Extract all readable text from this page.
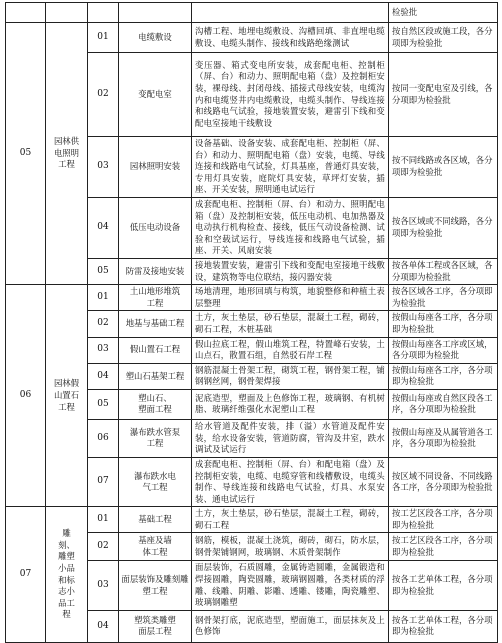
					检验批
05	园林供电照明工程	01	电缆敷设	沟槽工程、地埋电缆敷设、沟槽回填、非直埋电缆敷设、电缆头制作、接线和线路绝缘测试	按自然区段或施工段，各分项即为检验批
		02	变配电室	变压器、箱式变电所安装，成套配电柜、控制柜（屏、台）和动力、照明配电箱（盘）及控制柜安装，裸母线、封闭母线、插接式母线安装，电缆沟内和电缆竖井内电缆敷设，电缆头制作、导线连接和线路电气试验，接地装置安装，避雷引下线和变配电室接地干线敷设	按同一变配电室及引线，各分项即为检验批
		03	园林照明安装	设备基础、设备安装、成套配电柜、控制柜（屏、台）和动力、照明配电箱（盘）安装，电缆、导线连接和线路电气试验，灯具基座，普通灯具安装，专用灯具安装，庭院灯具安装，草坪灯安装，插座、开关安装，照明通电试运行	按不同线路或各区域，各分项即为检验批
		04	低压电动设备	成套配电柜、控制柜（屏、台）和动力、照明配电箱（盘）及控制柜安装，低压电动机、电加热器及电动执行机构检查、接线，低压气动设备检测、试验和空载试运行，导线连接和线路电气试验，插座、开关、风扇安装	按各区域或不同线路，各分项即为检验批
		05	防雷及接地安装	接地装置安装，避雷引下线和变配电室接地干线敷设，建筑物等电位联结，接闪器安装	按各单体工程或各区域，各分项即为检验批
06	园林假山置石工程	01	土山地形堆筑工程	场地清理，地形回填与构筑，地貌整修和种植土表层整理	按各区域各工序，各分项即为检验批
		02	地基与基础工程	土方，灰土垫层，砂石垫层，混凝土工程，砌砖，砌石工程，木桩基础	按假山每座各工序，各分项即为检验批
		03	假山置石工程	假山拉底工程，假山堆筑工程，特置峰石安装，土山点石，散置石组，自然驳石岸工程	按假山每座各工序或区域，各分项即为检验批
		04	塑山石基架工程	钢筋混凝土骨架工程，砌筑工程，钢骨架工程，铺钢钢丝网，钢骨架焊接	按假山每座各工序，各分项即为检验批
		05	塑山石、塑面工程	泥底造型，塑面及上色修饰工程，玻璃钢、有机树脂、玻璃纤维强化水泥塑山工程	按假山每座或自然区段各工序，各分项即为检验批
		06	瀑布跌水管泵工程	给水管道及配件安装，排（溢）水管道及配件安装，给水设备安装，管道防腐，管沟及井室，跌水调试及试运行	按假山每座及从属管道各工序，各分项即为检验批
		07	瀑布跌水电气工程	成套配电柜、控制柜（屏、台）和配电箱（盘）及控制柜安装，电缆、电缆穿管和线槽敷设，电缆头制作、导线连接和线路电气试验，灯具、水泵安装、通电试运行	按区域不同设备、不同线路各工序，各分项即为检验批
07	雕刻、雕塑小品和标志小品工程	01	基础工程	土方，灰土垫层，砂石垫层，混凝土工程，砌砖，砌石工程	按工艺区段各工序，各分项即为检验批
		02	基座及墙体工程	钢筋，模板，混凝土浇筑，砌砖，砌石，防水层，钢骨架铺钢网，玻璃钢、木质骨架制作	按工艺区段各工序，各分项即为检验批
		03	面层装饰及雕刻雕塑工程	面层装饰，石质圆雕，金属铸造圆雕，金属锻造和焊接圆雕，陶瓷圆雕，玻璃钢圆雕，各类材质的浮雕、线雕、阴雕、影雕、透雕、镂雕，陶瓷雕塑、玻璃钢雕塑	按各工艺单体工程，各分项即为检验批
		04	塑筑类雕塑面层工程	钢骨架打底，泥底造型，塑面施工，面层抹灰及上色修饰	按各工艺单体工程，各分项即为检验批
